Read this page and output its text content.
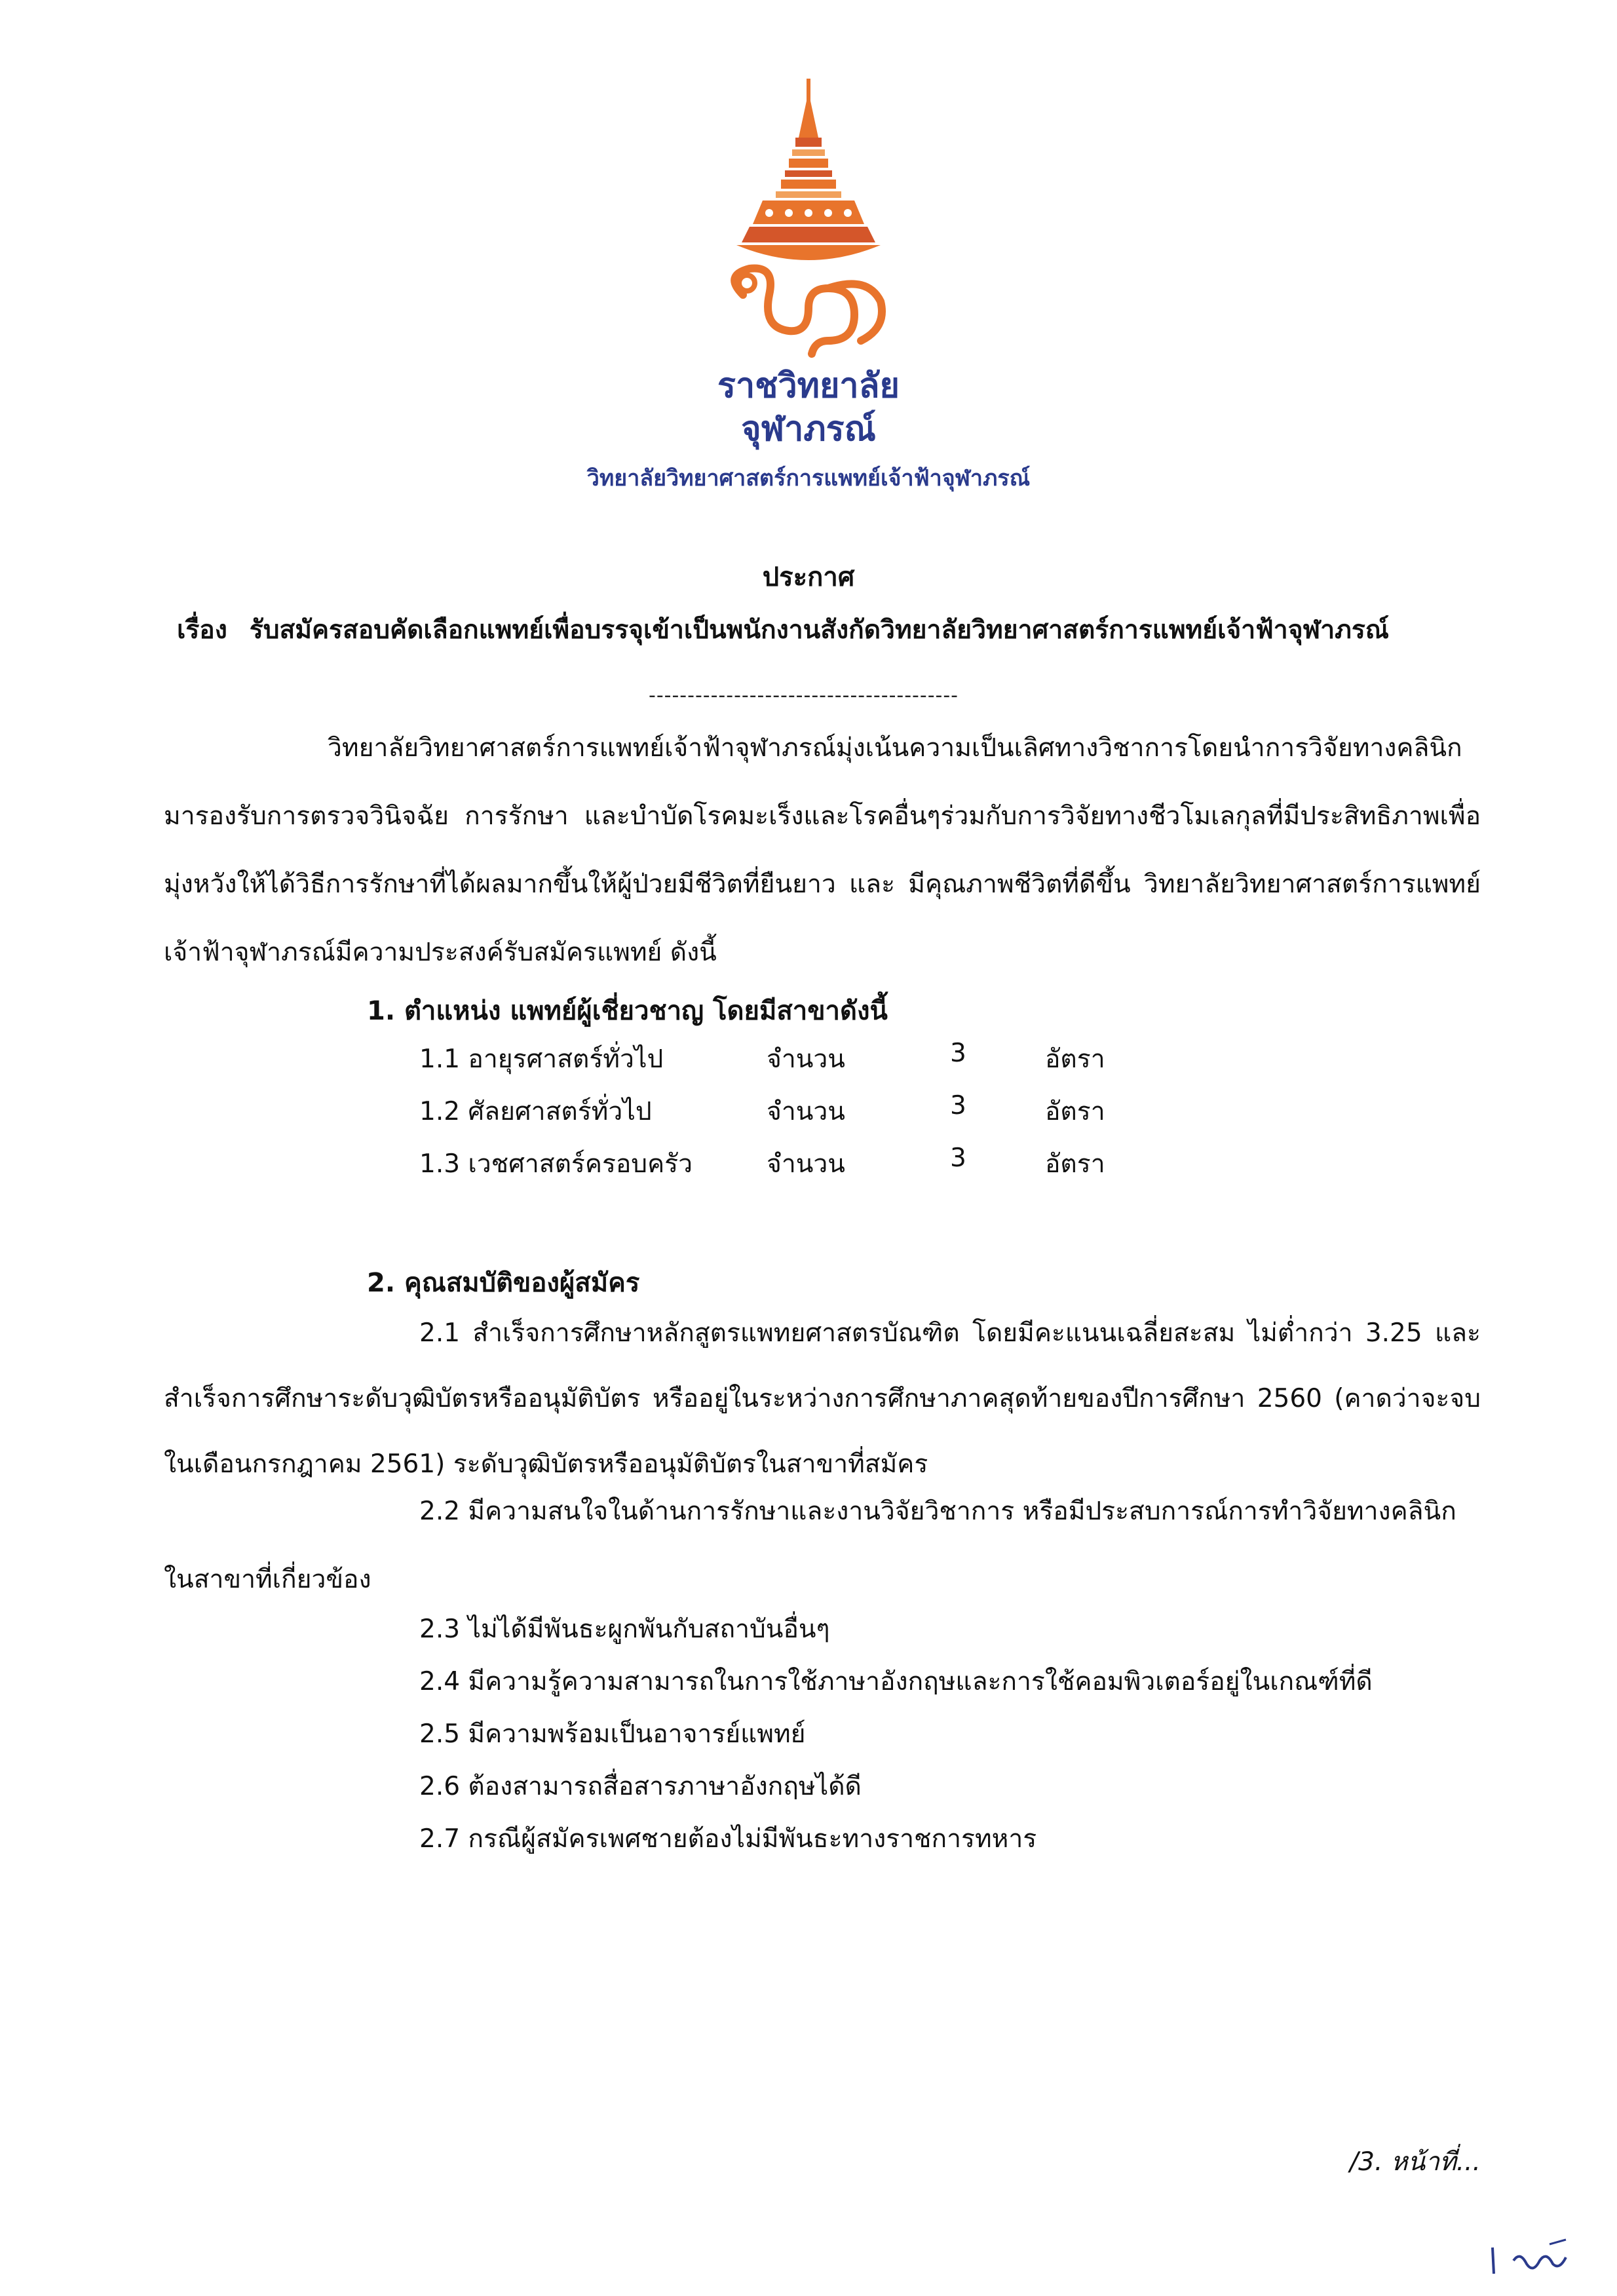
ราชวิทยาลัย
จุฬาภรณ์
วิทยาลัยวิทยาศาสตร์การแพทย์เจ้าฟ้าจุฬาภรณ์
ประกาศ
เรื่อง รับสมัครสอบคัดเลือกแพทย์เพื่อบรรจุเข้าเป็นพนักงานสังกัดวิทยาลัยวิทยาศาสตร์การแพทย์เจ้าฟ้าจุฬาภรณ์
----------------------------------------
วิทยาลัยวิทยาศาสตร์การแพทย์เจ้าฟ้าจุฬาภรณ์มุ่งเน้นความเป็นเลิศทางวิชาการโดยนำการวิจัยทางคลินิกมารองรับการตรวจวินิจฉัย การรักษา และบำบัดโรคมะเร็งและโรคอื่นๆร่วมกับการวิจัยทางชีวโมเลกุลที่มีประสิทธิภาพเพื่อมุ่งหวังให้ได้วิธีการรักษาที่ได้ผลมากขึ้นให้ผู้ป่วยมีชีวิตที่ยืนยาว และ มีคุณภาพชีวิตที่ดีขึ้น วิทยาลัยวิทยาศาสตร์การแพทย์เจ้าฟ้าจุฬาภรณ์มีความประสงค์รับสมัครแพทย์ ดังนี้
1. ตำแหน่ง แพทย์ผู้เชี่ยวชาญ โดยมีสาขาดังนี้
1.1 อายุรศาสตร์ทั่วไป	จำนวน	3	อัตรา
1.2 ศัลยศาสตร์ทั่วไป	จำนวน	3	อัตรา
1.3 เวชศาสตร์ครอบครัว	จำนวน	3	อัตรา
2. คุณสมบัติของผู้สมัคร
2.1 สำเร็จการศึกษาหลักสูตรแพทยศาสตรบัณฑิต โดยมีคะแนนเฉลี่ยสะสม ไม่ต่ำกว่า 3.25 และสำเร็จการศึกษาระดับวุฒิบัตรหรืออนุมัติบัตร หรืออยู่ในระหว่างการศึกษาภาคสุดท้ายของปีการศึกษา 2560 (คาดว่าจะจบในเดือนกรกฎาคม 2561) ระดับวุฒิบัตรหรืออนุมัติบัตรในสาขาที่สมัคร
2.2 มีความสนใจในด้านการรักษาและงานวิจัยวิชาการ หรือมีประสบการณ์การทำวิจัยทางคลินิกในสาขาที่เกี่ยวข้อง
2.3 ไม่ได้มีพันธะผูกพันกับสถาบันอื่นๆ
2.4 มีความรู้ความสามารถในการใช้ภาษาอังกฤษและการใช้คอมพิวเตอร์อยู่ในเกณฑ์ที่ดี
2.5 มีความพร้อมเป็นอาจารย์แพทย์
2.6 ต้องสามารถสื่อสารภาษาอังกฤษได้ดี
2.7 กรณีผู้สมัครเพศชายต้องไม่มีพันธะทางราชการทหาร
/3. หน้าที่...
